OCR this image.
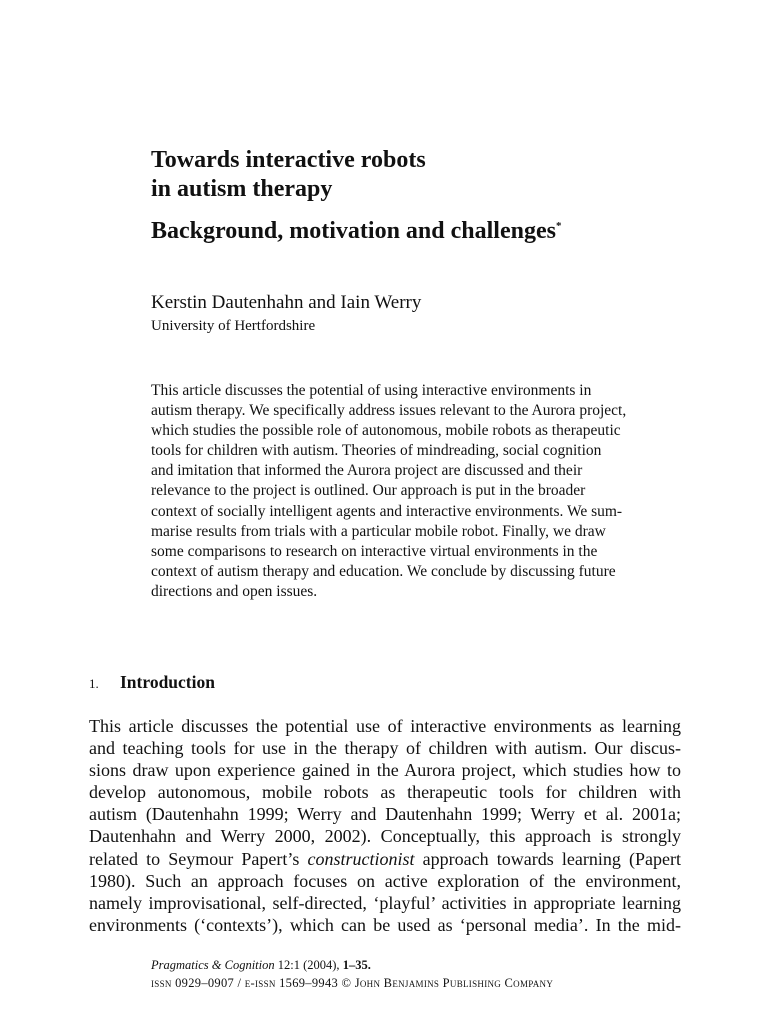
Towards interactive robots
in autism therapy
Background, motivation and challenges*
Kerstin Dautenhahn and Iain Werry
University of Hertfordshire
This article discusses the potential of using interactive environments in
autism therapy. We specifically address issues relevant to the Aurora project,
which studies the possible role of autonomous, mobile robots as therapeutic
tools for children with autism. Theories of mindreading, social cognition
and imitation that informed the Aurora project are discussed and their
relevance to the project is outlined. Our approach is put in the broader
context of socially intelligent agents and interactive environments. We sum-
marise results from trials with a particular mobile robot. Finally, we draw
some comparisons to research on interactive virtual environments in the
context of autism therapy and education. We conclude by discussing future
directions and open issues.
1. Introduction
This article discusses the potential use of interactive environments as learning
and teaching tools for use in the therapy of children with autism. Our discus-
sions draw upon experience gained in the Aurora project, which studies how to
develop autonomous, mobile robots as therapeutic tools for children with
autism (Dautenhahn 1999; Werry and Dautenhahn 1999; Werry et al. 2001a;
Dautenhahn and Werry 2000, 2002). Conceptually, this approach is strongly
related to Seymour Papert’s constructionist approach towards learning (Papert
1980). Such an approach focuses on active exploration of the environment,
namely improvisational, self-directed, ‘playful’ activities in appropriate learning
environments (‘contexts’), which can be used as ‘personal media’. In the mid-
Pragmatics & Cognition 12:1 (2004), 1–35.
issn 0929–0907 / e-issn 1569–9943 © John Benjamins Publishing Company
